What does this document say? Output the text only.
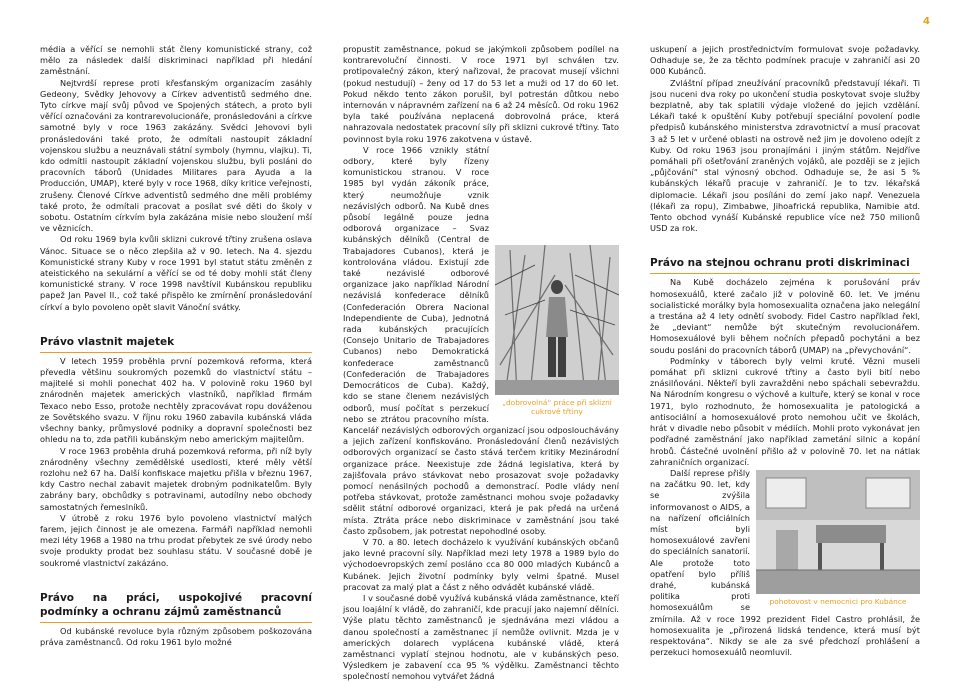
4

média a věřící se nemohli stát členy komunistické strany, což mělo za následek další diskriminaci například při hledání zaměstnání.

Nejtvrdší represe proti křesťanským organizacím zasáhly Gedeony, Svědky Jehovovy a Církev adventistů sedmého dne. Tyto církve mají svůj původ ve Spojených státech, a proto byli věřící označováni za kontrarevolucionáře, pronásledováni a církve samotné byly v roce 1963 zakázány. Svědci Jehovovi byli pronásledováni také proto, že odmítali nastoupit základní vojenskou službu a neuznávali státní symboly (hymnu, vlajku). Ti, kdo odmítli nastoupit základní vojenskou službu, byli posláni do pracovních táborů (Unidades Militares para Ayuda a la Producción, UMAP), které byly v roce 1968, díky kritice veřejnosti, zrušeny. Členové Církve adventistů sedmého dne měli problémy také proto, že odmítali pracovat a posílat své děti do školy v sobotu. Ostatním církvím byla zakázána misie nebo sloužení mší ve věznicích.

Od roku 1969 byla kvůli sklizni cukrové třtiny zrušena oslava Vánoc. Situace se o něco zlepšila až v 90. letech. Na 4. sjezdu Komunistické strany Kuby v roce 1991 byl statut státu změněn z ateistického na sekulární a věřící se od té doby mohli stát členy komunistické strany. V roce 1998 navštívil Kubánskou republiku papež Jan Pavel II., což také přispělo ke zmírnění pronásledování církví a bylo povoleno opět slavit Vánoční svátky.

Právo vlastnit majetek

V letech 1959 proběhla první pozemková reforma, která převedla většinu soukromých pozemků do vlastnictví státu – majitelé si mohli ponechat 402 ha. V polovině roku 1960 byl znárodněn majetek amerických vlastníků, například firmám Texaco nebo Esso, protože nechtěly zpracovávat ropu dováženou ze Sovětského svazu. V říjnu roku 1960 zabavila kubánská vláda všechny banky, průmyslové podniky a dopravní společnosti bez ohledu na to, zda patřili kubánským nebo americkým majitelům.

V roce 1963 proběhla druhá pozemková reforma, při níž byly znárodněny všechny zemědělské usedlosti, které měly větší rozlohu než 67 ha. Další konfiskace majetku přišla v březnu 1967, kdy Castro nechal zabavit majetek drobným podnikatelům. Byly zabrány bary, obchůdky s potravinami, autodílny nebo obchody samostatných řemeslníků.

V útrobě z roku 1976 bylo povoleno vlastnictví malých farem, jejich činnost je ale omezena. Farmáři například nemohli mezi léty 1968 a 1980 na trhu prodat přebytek ze své úrody nebo svoje produkty prodat bez souhlasu státu. V současné době je soukromé vlastnictví zakázáno.

Právo na práci, uspokojivé pracovní podmínky a ochranu zájmů zaměstnanců

Od kubánské revoluce byla různým způsobem poškozována práva zaměstnanců. Od roku 1961 bylo možné

propustit zaměstnance, pokud se jakýmkoli způsobem podílel na kontrarevoluční činnosti. V roce 1971 byl schválen tzv. protipovalečný zákon, který nařizoval, že pracovat musejí všichni (pokud nestudují) – ženy od 17 do 53 let a muži od 17 do 60 let. Pokud někdo tento zákon porušil, byl potrestán důtkou nebo internován v nápravném zařízení na 6 až 24 měsíců. Od roku 1962 byla také používána neplacená dobrovolná práce, která nahrazovala nedostatek pracovní síly při sklizni cukrové třtiny. Tato povinnost byla roku 1976 zakotvena v ústavě.

„dobrovolná“ práce při sklizni cukrové třtiny

V roce 1966 vznikly státní odbory, které byly řízeny komunistickou stranou. V roce 1985 byl vydán zákoník práce, který neumožňuje vznik nezávislých odborů. Na Kubě dnes působí legálně pouze jedna odborová organizace – Svaz kubánských dělníků (Central de Trabajadores Cubanos), která je kontrolována vládou. Existují zde také nezávislé odborové organizace jako například Národní nezávislá konfederace dělníků (Confederación Obrera Nacional Independiente de Cuba), Jednotná rada kubánských pracujících (Consejo Unitario de Trabajadores Cubanos) nebo Demokratická konfederace zaměstnanců (Confederación de Trabajadores Democráticos de Cuba). Každý, kdo se stane členem nezávislých odborů, musí počítat s perzekucí nebo se ztrátou pracovního místa. Kancelář nezávislých odborových organizací jsou odposlouchávány a jejich zařízení konfiskováno. Pronásledování členů nezávislých odborových organizací se často stává terčem kritiky Mezinárodní organizace práce. Neexistuje zde žádná legislativa, která by zajišťovala právo stávkovat nebo prosazovat svoje požadavky pomocí nenásilných pochodů a demonstrací. Podle vlády není potřeba stávkovat, protože zaměstnanci mohou svoje požadavky sdělit státní odborové organizaci, která je pak předá na určená místa. Ztráta práce nebo diskriminace v zaměstnání jsou také často způsobem, jak potrestat nepohodlné osoby.

V 70. a 80. letech docházelo k využívání kubánských občanů jako levné pracovní síly. Například mezi lety 1978 a 1989 bylo do východoevropských zemí posláno cca 80 000 mladých Kubánců a Kubánek. Jejich životní podmínky byly velmi špatné. Musel pracovat za malý plat a část z něho odvádět kubánské vládě.

I v současné době využívá kubánská vláda zaměstnance, kteří jsou loajální k vládě, do zahraničí, kde pracují jako najemní dělníci. Výše platu těchto zaměstnanců je sjednávána mezi vládou a danou společností a zaměstnanec jí nemůže ovlivnit. Mzda je v amerických dolarech vyplácena kubánské vládě, která zaměstnanci vyplatí stejnou hodnotu, ale v kubánských peso. Výsledkem je zabavení cca 95 % výdělku. Zaměstnanci těchto společností nemohou vytvářet žádná

uskupení a jejich prostřednictvím formulovat svoje požadavky. Odhaduje se, že za těchto podmínek pracuje v zahraničí asi 20 000 Kubánců.

Zvláštní případ zneužívání pracovníků představují lékaři. Ti jsou nuceni dva roky po ukončení studia poskytovat svoje služby bezplatně, aby tak splatili výdaje vložené do jejich vzdělání. Lékaři také k opuštění Kuby potřebují speciální povolení podle předpisů kubánského ministerstva zdravotnictví a musí pracovat 3 až 5 let v určené oblasti na ostrově než jim je dovoleno odejít z Kuby. Od roku 1963 jsou pronajímáni i jiným státům. Nejdříve pomáhali při ošetřování zraněných vojáků, ale později se z jejich „půjčování“ stal výnosný obchod. Odhaduje se, že asi 5 % kubánských lékařů pracuje v zahraničí. Je to tzv. lékařská diplomacie. Lékaři jsou posíláni do zemí jako např. Venezuela (lékaři za ropu), Zimbabwe, Jihoafrická republika, Namibie atd. Tento obchod vynáší Kubánské republice více než 750 milionů USD za rok.

Právo na stejnou ochranu proti diskriminaci

Na Kubě docházelo zejména k porušování práv homosexuálů, které začalo již v polovině 60. let. Ve jménu socialistické morálky byla homosexualita označena jako nelegální a trestána až 4 lety odnětí svobody. Fidel Castro například řekl, že „deviant“ nemůže být skutečným revolucionářem. Homosexuálové byli během nočních přepadů pochytáni a bez soudu posláni do pracovních táborů (UMAP) na „převychování“.

Podmínky v táborech byly velmi kruté. Vězni museli pomáhat při sklizni cukrové třtiny a často byli bití nebo znásilňováni. Někteří byli zavražděni nebo spáchali sebevraždu. Na Národním kongresu o výchově a kultuře, který se konal v roce 1971, bylo rozhodnuto, že homosexualita je patologická a antisociální a homosexuálové proto nemohou učit ve školách, hrát v divadle nebo působit v médiích. Mohli proto vykonávat jen podřadné zaměstnání jako například zametání silnic a kopání hrobů. Částečné uvolnění přišlo až v polovině 70. let na nátlak zahraničních organizací.

pohotovost v nemocnici pro Kubánce

Další represe přišly na začátku 90. let, kdy se zvýšila informovanost o AIDS, a na nařízení oficiálních míst byli homosexuálové zavřeni do speciálních sanatorií. Ale protože toto opatření bylo příliš drahé, kubánská politika proti homosexuálům se zmírnila. Až v roce 1992 prezident Fidel Castro prohlásil, že homosexualita je „přirozená lidská tendence, která musí být respektována“. Nikdy se ale za své předchozí prohlášení a perzekuci homosexuálů neomluvil.
